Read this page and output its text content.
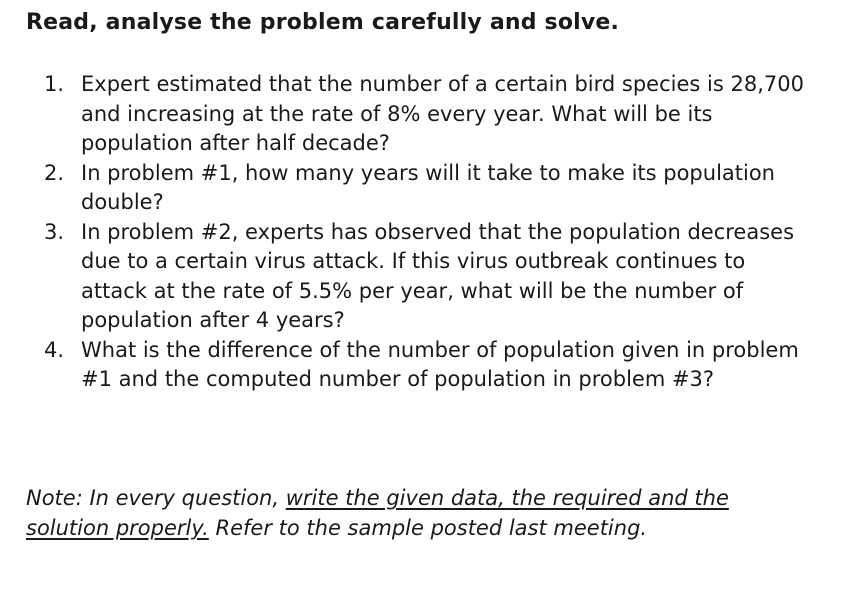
Read, analyse the problem carefully and solve.
1. Expert estimated that the number of a certain bird species is 28,700 and increasing at the rate of 8% every year. What will be its population after half decade?
2. In problem #1, how many years will it take to make its population double?
3. In problem #2, experts has observed that the population decreases due to a certain virus attack. If this virus outbreak continues to attack at the rate of 5.5% per year, what will be the number of population after 4 years?
4. What is the difference of the number of population given in problem #1 and the computed number of population in problem #3?

Note: In every question, write the given data, the required and the solution properly. Refer to the sample posted last meeting.
